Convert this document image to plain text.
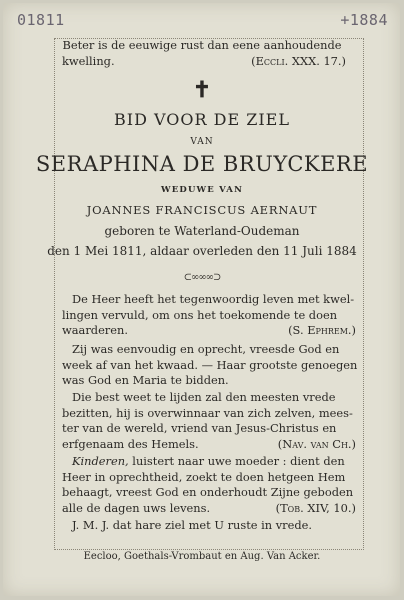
01811	+1884
Beter is de eeuwige rust dan eene aanhoudende
kwelling.	(Eccli. XXX. 17.)
✝
BID VOOR DE ZIEL
VAN
SERAPHINA DE BRUYCKERE
WEDUWE VAN
JOANNES FRANCISCUS AERNAUT
geboren te Waterland-Oudeman
den 1 Mei 1811, aldaar overleden den 11 Juli 1884
⊂∞∞∞⊃
De Heer heeft het tegenwoordig leven met kwel-
lingen vervuld, om ons het toekomende te doen
waarderen.	(S. Ephrem.)
Zij was eenvoudig en oprecht, vreesde God en
week af van het kwaad. — Haar grootste genoegen
was God en Maria te bidden.
Die best weet te lijden zal den meesten vrede
bezitten, hij is overwinnaar van zich zelven, mees-
ter van de wereld, vriend van Jesus-Christus en
erfgenaam des Hemels.	(Nav. van Ch.)
Kinderen, luistert naar uwe moeder : dient den
Heer in oprechtheid, zoekt te doen hetgeen Hem
behaagt, vreest God en onderhoudt Zijne geboden
alle de dagen uws levens.	(Tob. XIV, 10.)
J. M. J. dat hare ziel met U ruste in vrede.
Eecloo, Goethals-Vrombaut en Aug. Van Acker.
